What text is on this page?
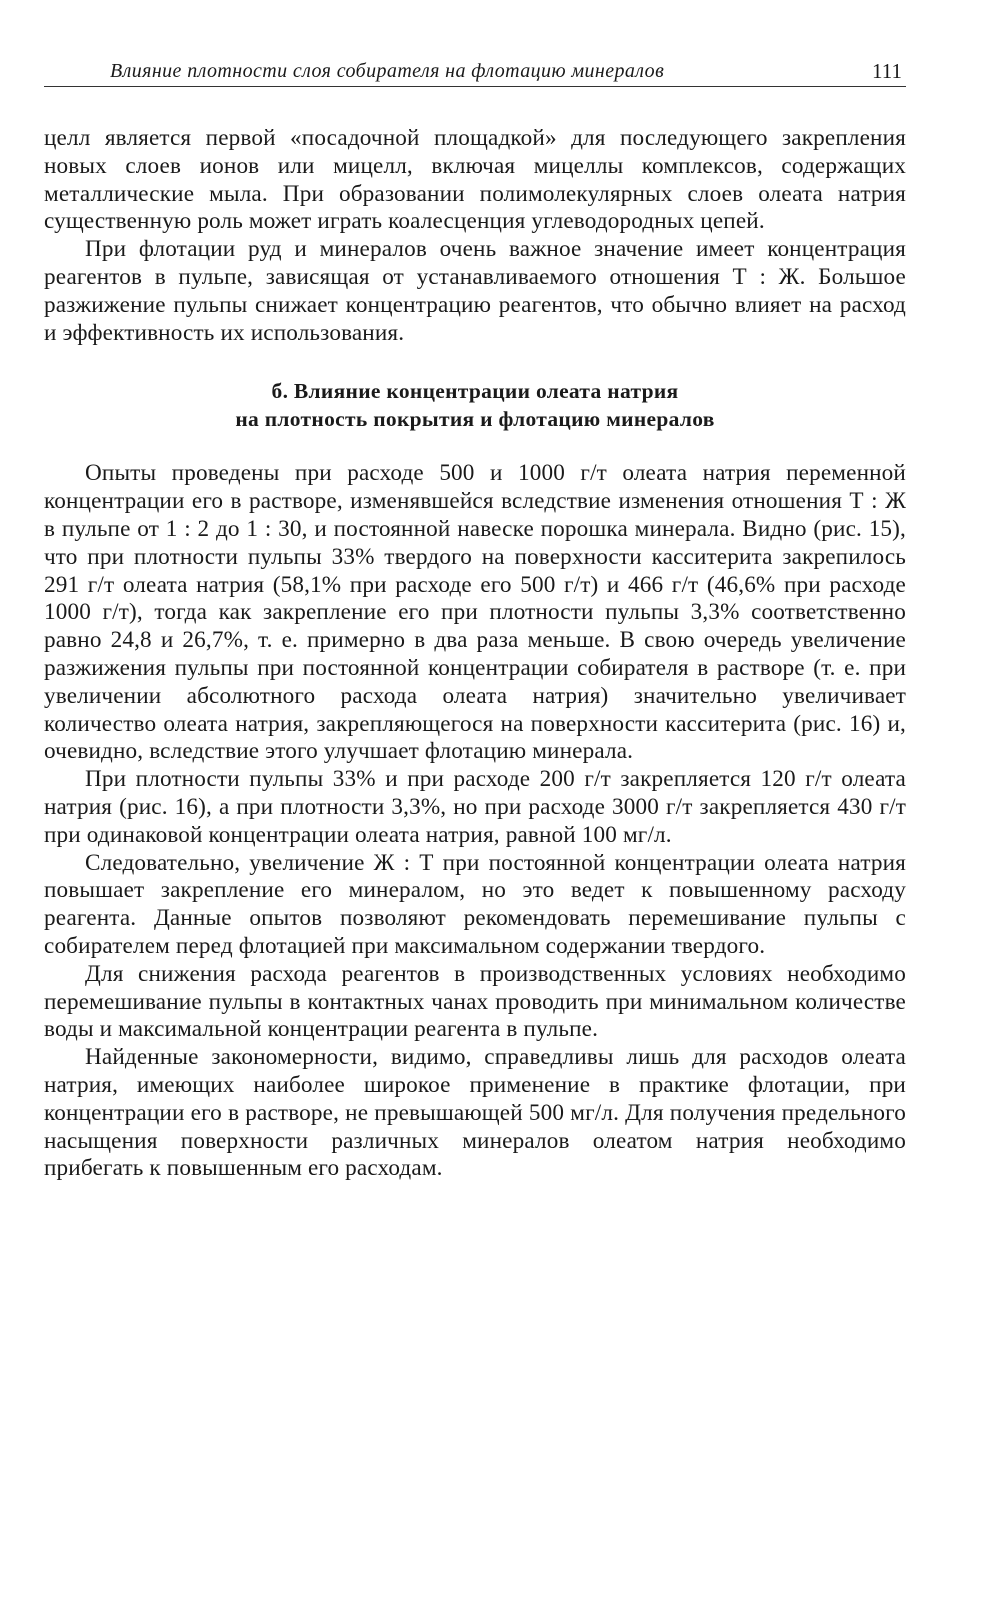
Влияние плотности слоя собирателя на флотацию минералов	111

целл является первой «посадочной площадкой» для последующего закрепления новых слоев ионов или мицелл, включая мицеллы комплексов, содержащих металлические мыла. При образовании полимолекулярных слоев олеата натрия существенную роль может играть коалесценция углеводородных цепей.

При флотации руд и минералов очень важное значение имеет концентрация реагентов в пульпе, зависящая от устанавливаемого отношения Т : Ж. Большое разжижение пульпы снижает концентрацию реагентов, что обычно влияет на расход и эффективность их использования.

б. Влияние концентрации олеата натрия
на плотность покрытия и флотацию минералов

Опыты проведены при расходе 500 и 1000 г/т олеата натрия переменной концентрации его в растворе, изменявшейся вследствие изменения отношения Т : Ж в пульпе от 1 : 2 до 1 : 30, и постоянной навеске порошка минерала. Видно (рис. 15), что при плотности пульпы 33% твердого на поверхности касситерита закрепилось 291 г/т олеата натрия (58,1% при расходе его 500 г/т) и 466 г/т (46,6% при расходе 1000 г/т), тогда как закрепление его при плотности пульпы 3,3% соответственно равно 24,8 и 26,7%, т. е. примерно в два раза меньше. В свою очередь увеличение разжижения пульпы при постоянной концентрации собирателя в растворе (т. е. при увеличении абсолютного расхода олеата натрия) значительно увеличивает количество олеата натрия, закрепляющегося на поверхности касситерита (рис. 16) и, очевидно, вследствие этого улучшает флотацию минерала.

При плотности пульпы 33% и при расходе 200 г/т закрепляется 120 г/т олеата натрия (рис. 16), а при плотности 3,3%, но при расходе 3000 г/т закрепляется 430 г/т при одинаковой концентрации олеата натрия, равной 100 мг/л.

Следовательно, увеличение Ж : Т при постоянной концентрации олеата натрия повышает закрепление его минералом, но это ведет к повышенному расходу реагента. Данные опытов позволяют рекомендовать перемешивание пульпы с собирателем перед флотацией при максимальном содержании твердого.

Для снижения расхода реагентов в производственных условиях необходимо перемешивание пульпы в контактных чанах проводить при минимальном количестве воды и максимальной концентрации реагента в пульпе.

Найденные закономерности, видимо, справедливы лишь для расходов олеата натрия, имеющих наиболее широкое применение в практике флотации, при концентрации его в растворе, не превышающей 500 мг/л. Для получения предельного насыщения поверхности различных минералов олеатом натрия необходимо прибегать к повышенным его расходам.
